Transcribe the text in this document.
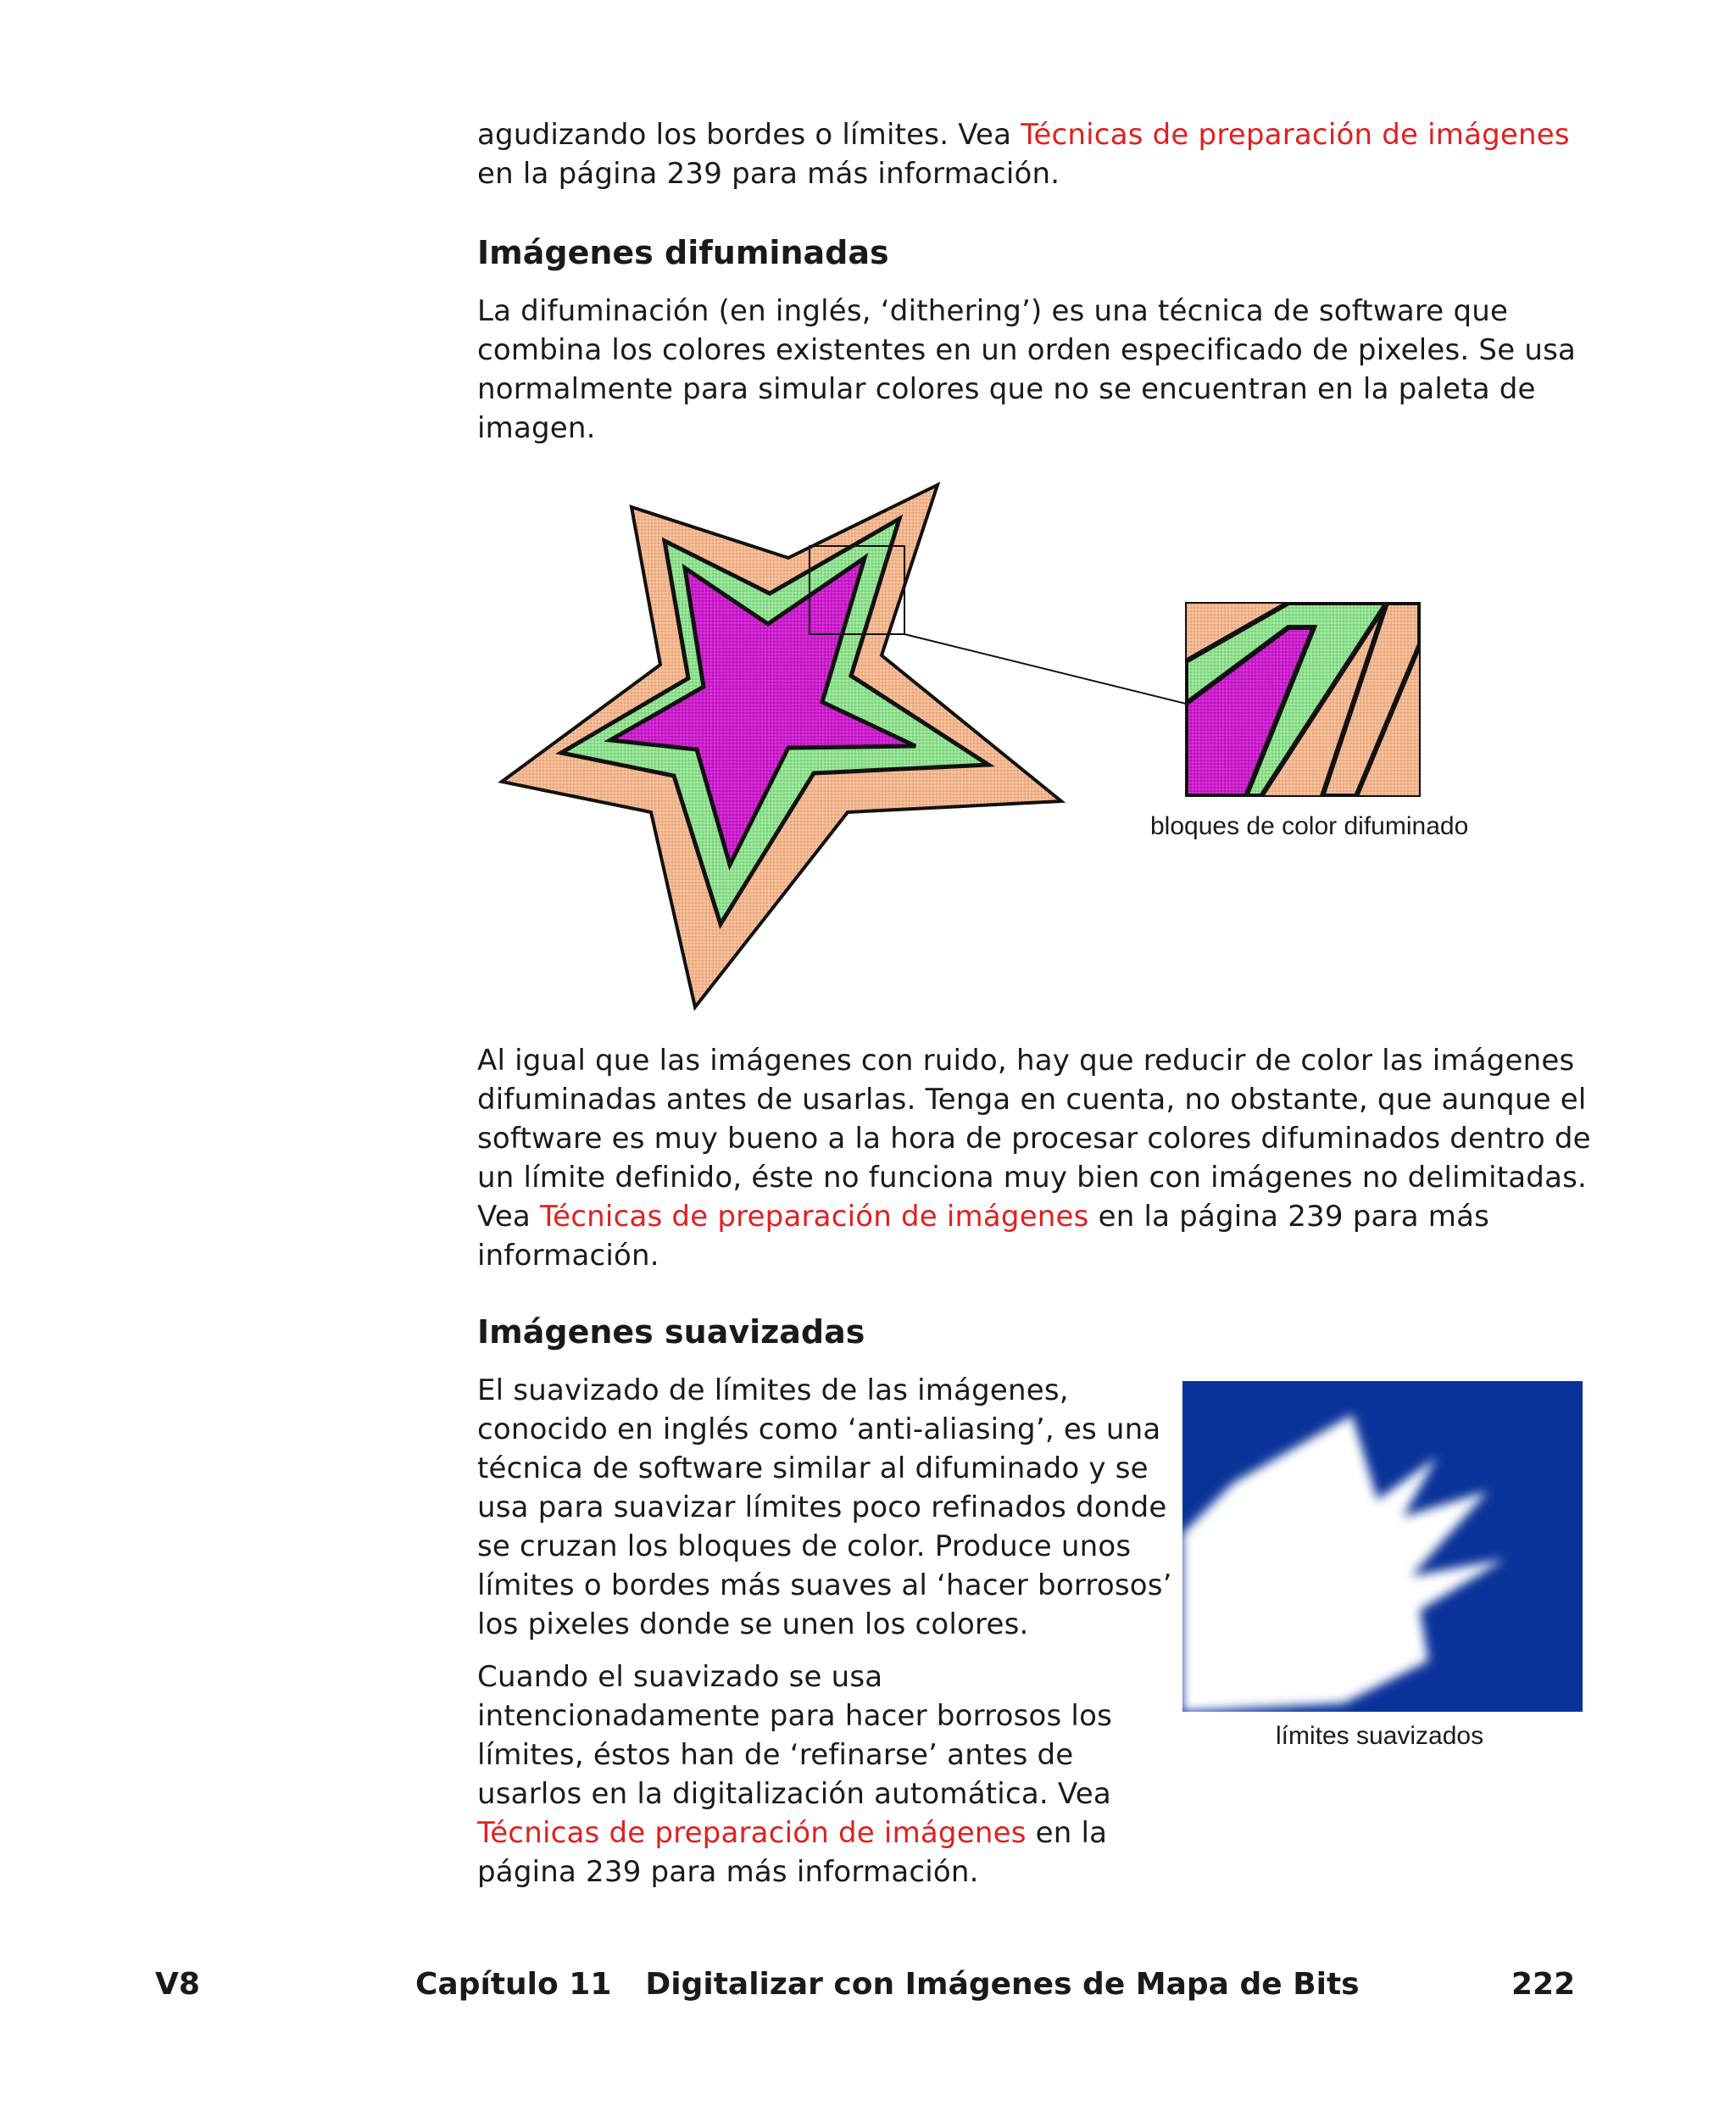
agudizando los bordes o límites. Vea Técnicas de preparación de imágenes
en la página 239 para más información.

Imágenes difuminadas

La difuminación (en inglés, ‘dithering’) es una técnica de software que combina los colores existentes en un orden especificado de pixeles. Se usa normalmente para simular colores que no se encuentran en la paleta de imagen.

bloques de color difuminado

Al igual que las imágenes con ruido, hay que reducir de color las imágenes difuminadas antes de usarlas. Tenga en cuenta, no obstante, que aunque el software es muy bueno a la hora de procesar colores difuminados dentro de un límite definido, éste no funciona muy bien con imágenes no delimitadas. Vea Técnicas de preparación de imágenes en la página 239 para más información.

Imágenes suavizadas

El suavizado de límites de las imágenes, conocido en inglés como ‘anti-aliasing’, es una técnica de software similar al difuminado y se usa para suavizar límites poco refinados donde se cruzan los bloques de color. Produce unos límites o bordes más suaves al ‘hacer borrosos’ los pixeles donde se unen los colores.

Cuando el suavizado se usa intencionadamente para hacer borrosos los límites, éstos han de ‘refinarse’ antes de usarlos en la digitalización automática. Vea Técnicas de preparación de imágenes en la página 239 para más información.

límites suavizados

V8	Capítulo 11 Digitalizar con Imágenes de Mapa de Bits	222
